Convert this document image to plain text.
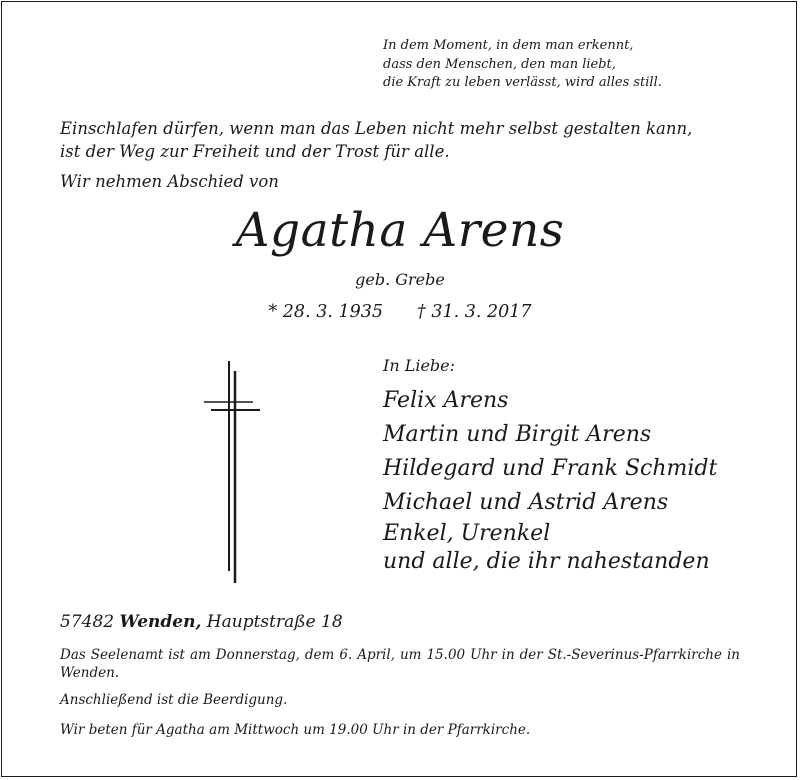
In dem Moment, in dem man erkennt,
dass den Menschen, den man liebt,
die Kraft zu leben verlässt, wird alles still.
Einschlafen dürfen, wenn man das Leben nicht mehr selbst gestalten kann,
ist der Weg zur Freiheit und der Trost für alle.
Wir nehmen Abschied von
Agatha Arens
geb. Grebe
* 28. 3. 1935 † 31. 3. 2017
In Liebe:
Felix Arens
Martin und Birgit Arens
Hildegard und Frank Schmidt
Michael und Astrid Arens
Enkel, Urenkel
und alle, die ihr nahestanden
57482 Wenden, Hauptstraße 18
Das Seelenamt ist am Donnerstag, dem 6. April, um 15.00 Uhr in der St.-Severinus-Pfarrkirche in Wenden.
Anschließend ist die Beerdigung.
Wir beten für Agatha am Mittwoch um 19.00 Uhr in der Pfarrkirche.
